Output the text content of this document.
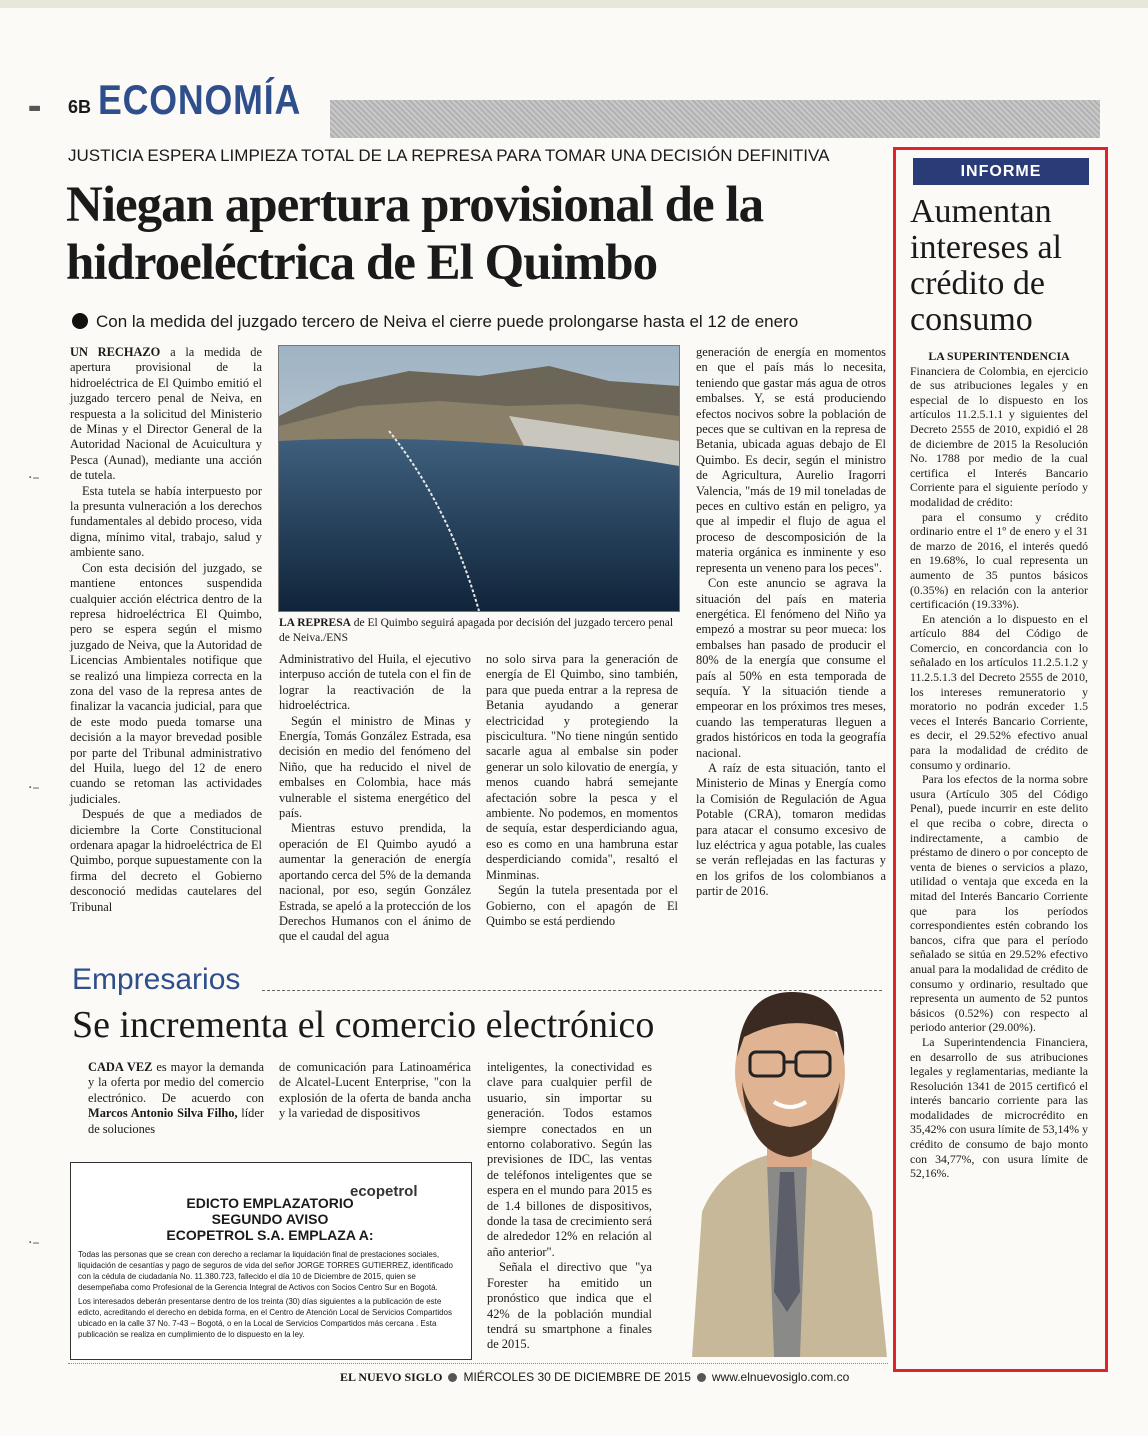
▬
·–
·–
·–
6B ECONOMÍA
JUSTICIA ESPERA LIMPIEZA TOTAL DE LA REPRESA PARA TOMAR UNA DECISIÓN DEFINITIVA
Niegan apertura provisional de la hidroeléctrica de El Quimbo
Con la medida del juzgado tercero de Neiva el cierre puede prolongarse hasta el 12 de enero

UN RECHAZO a la medida de apertura provisional de la hidroeléctrica de El Quimbo emitió el juzgado tercero penal de Neiva, en respuesta a la solicitud del Ministerio de Minas y el Director General de la Autoridad Nacional de Acuicultura y Pesca (Aunad), mediante una acción de tutela.

Esta tutela se había interpuesto por la presunta vulneración a los derechos fundamentales al debido proceso, vida digna, mínimo vital, trabajo, salud y ambiente sano.

Con esta decisión del juzgado, se mantiene entonces suspendida cualquier acción eléctrica dentro de la represa hidroeléctrica El Quimbo, pero se espera según el mismo juzgado de Neiva, que la Autoridad de Licencias Ambientales notifique que se realizó una limpieza correcta en la zona del vaso de la represa antes de finalizar la vacancia judicial, para que de este modo pueda tomarse una decisión a la mayor brevedad posible por parte del Tribunal administrativo del Huila, luego del 12 de enero cuando se retoman las actividades judiciales.

Después de que a mediados de diciembre la Corte Constitucional ordenara apagar la hidroeléctrica de El Quimbo, porque supuestamente con la firma del decreto el Gobierno desconoció medidas cautelares del Tribunal

LA REPRESA de El Quimbo seguirá apagada por decisión del juzgado tercero penal de Neiva./ENS

Administrativo del Huila, el ejecutivo interpuso acción de tutela con el fin de lograr la reactivación de la hidroeléctrica.

Según el ministro de Minas y Energía, Tomás González Estrada, esa decisión en medio del fenómeno del Niño, que ha reducido el nivel de embalses en Colombia, hace más vulnerable el sistema energético del país.

Mientras estuvo prendida, la operación de El Quimbo ayudó a aumentar la generación de energía aportando cerca del 5% de la demanda nacional, por eso, según González Estrada, se apeló a la protección de los Derechos Humanos con el ánimo de que el caudal del agua

no solo sirva para la generación de energía de El Quimbo, sino también, para que pueda entrar a la represa de Betania ayudando a generar electricidad y protegiendo la piscicultura. "No tiene ningún sentido sacarle agua al embalse sin poder generar un solo kilovatio de energía, y menos cuando habrá semejante afectación sobre la pesca y el ambiente. No podemos, en momentos de sequía, estar desperdiciando agua, eso es como en una hambruna estar desperdiciando comida", resaltó el Minminas.

Según la tutela presentada por el Gobierno, con el apagón de El Quimbo se está perdiendo

generación de energía en momentos en que el país más lo necesita, teniendo que gastar más agua de otros embalses. Y, se está produciendo efectos nocivos sobre la población de peces que se cultivan en la represa de Betania, ubicada aguas debajo de El Quimbo. Es decir, según el ministro de Agricultura, Aurelio Iragorri Valencia, "más de 19 mil toneladas de peces en cultivo están en peligro, ya que al impedir el flujo de agua el proceso de descomposición de la materia orgánica es inminente y eso representa un veneno para los peces".

Con este anuncio se agrava la situación del país en materia energética. El fenómeno del Niño ya empezó a mostrar su peor mueca: los embalses han pasado de producir el 80% de la energía que consume el país al 50% en esta temporada de sequía. Y la situación tiende a empeorar en los próximos tres meses, cuando las temperaturas lleguen a grados históricos en toda la geografía nacional.

A raíz de esta situación, tanto el Ministerio de Minas y Energía como la Comisión de Regulación de Agua Potable (CRA), tomaron medidas para atacar el consumo excesivo de luz eléctrica y agua potable, las cuales se verán reflejadas en las facturas y en los grifos de los colombianos a partir de 2016.

INFORME
Aumentan intereses al crédito de consumo

LA SUPERINTENDENCIA

Financiera de Colombia, en ejercicio de sus atribuciones legales y en especial de lo dispuesto en los artículos 11.2.5.1.1 y siguientes del Decreto 2555 de 2010, expidió el 28 de diciembre de 2015 la Resolución No. 1788 por medio de la cual certifica el Interés Bancario Corriente para el siguiente período y modalidad de crédito:

para el consumo y crédito ordinario entre el 1º de enero y el 31 de marzo de 2016, el interés quedó en 19.68%, lo cual representa un aumento de 35 puntos básicos (0.35%) en relación con la anterior certificación (19.33%).

En atención a lo dispuesto en el artículo 884 del Código de Comercio, en concordancia con lo señalado en los artículos 11.2.5.1.2 y 11.2.5.1.3 del Decreto 2555 de 2010, los intereses remuneratorio y moratorio no podrán exceder 1.5 veces el Interés Bancario Corriente, es decir, el 29.52% efectivo anual para la modalidad de crédito de consumo y ordinario.

Para los efectos de la norma sobre usura (Artículo 305 del Código Penal), puede incurrir en este delito el que reciba o cobre, directa o indirectamente, a cambio de préstamo de dinero o por concepto de venta de bienes o servicios a plazo, utilidad o ventaja que exceda en la mitad del Interés Bancario Corriente que para los períodos correspondientes estén cobrando los bancos, cifra que para el período señalado se sitúa en 29.52% efectivo anual para la modalidad de crédito de consumo y ordinario, resultado que representa un aumento de 52 puntos básicos (0.52%) con respecto al periodo anterior (29.00%).

La Superintendencia Financiera, en desarrollo de sus atribuciones legales y reglamentarias, mediante la Resolución 1341 de 2015 certificó el interés bancario corriente para las modalidades de microcrédito en 35,42% con usura límite de 53,14% y crédito de consumo de bajo monto con 34,77%, con usura límite de 52,16%.

Empresarios
Se incrementa el comercio electrónico

CADA VEZ es mayor la demanda y la oferta por medio del comercio electrónico. De acuerdo con Marcos Antonio Silva Filho, líder de soluciones

de comunicación para Latinoamérica de Alcatel-Lucent Enterprise, "con la explosión de la oferta de banda ancha y la variedad de dispositivos

inteligentes, la conectividad es clave para cualquier perfil de usuario, sin importar su generación. Todos estamos siempre conectados en un entorno colaborativo. Según las previsiones de IDC, las ventas de teléfonos inteligentes que se espera en el mundo para 2015 es de 1.4 billones de dispositivos, donde la tasa de crecimiento será de alrededor 12% en relación al año anterior".

Señala el directivo que "ya Forester ha emitido un pronóstico que indica que el 42% de la población mundial tendrá su smartphone a finales de 2015.

ecopetrol
EDICTO EMPLAZATORIO
SEGUNDO AVISO
ECOPETROL S.A. EMPLAZA A:
Todas las personas que se crean con derecho a reclamar la liquidación final de prestaciones sociales, liquidación de cesantías y pago de seguros de vida del señor JORGE TORRES GUTIERREZ, identificado con la cédula de ciudadanía No. 11.380.723, fallecido el día 10 de Diciembre de 2015, quien se desempeñaba como Profesional de la Gerencia Integral de Activos con Socios Centro Sur en Bogotá.
Los interesados deberán presentarse dentro de los treinta (30) días siguientes a la publicación de este edicto, acreditando el derecho en debida forma, en el Centro de Atención Local de Servicios Compartidos ubicado en la calle 37 No. 7-43 – Bogotá, o en la Local de Servicios Compartidos más cercana . Esta publicación se realiza en cumplimiento de lo dispuesto en la ley.
EL NUEVO SIGLO MIÉRCOLES 30 DE DICIEMBRE DE 2015 www.elnuevosiglo.com.co
